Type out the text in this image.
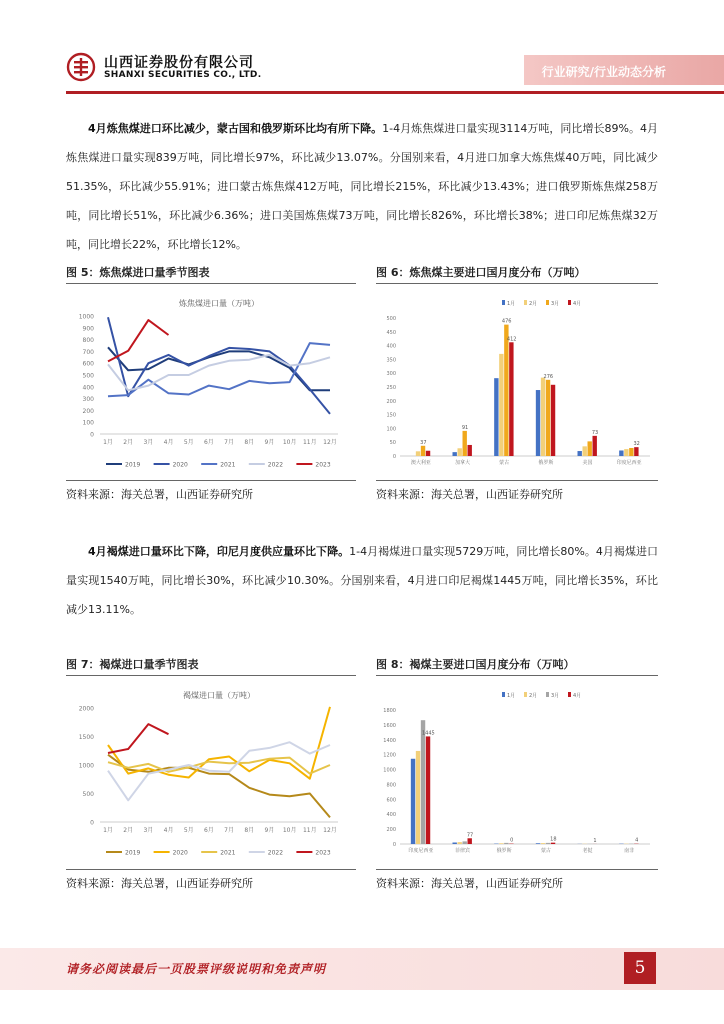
山西证券股份有限公司
SHANXI SECURITIES CO., LTD.	行业研究/行业动态分析
4月炼焦煤进口环比减少，蒙古国和俄罗斯环比均有所下降。1-4月炼焦煤进口量实现3114万吨，同比增长89%。4月炼焦煤进口量实现839万吨，同比增长97%，环比减少13.07%。分国别来看，4月进口加拿大炼焦煤40万吨，同比减少51.35%，环比减少55.91%；进口蒙古炼焦煤412万吨，同比增长215%，环比减少13.43%；进口俄罗斯炼焦煤258万吨，同比增长51%，环比减少6.36%；进口美国炼焦煤73万吨，同比增长826%，环比增长38%；进口印尼炼焦煤32万吨，同比增长22%，环比增长12%。
图 5：炼焦煤进口量季节图表	图 6：炼焦煤主要进口国月度分布（万吨）
炼焦煤进口量（万吨）
0
100
200
300
400
500
600
700
800
900
1000
1月 2月 3月 4月 5月 6月 7月 8月 9月 10月 11月 12月
2019	2020	2021	2022	2023
0
50
100
150
200
250
300
350
400
450
500
1月	2月	3月	4月
澳大利亚	加拿大	蒙古	俄罗斯	美国	印度尼西亚
37
91
476
412
276
73
32
资料来源：海关总署，山西证券研究所	资料来源：海关总署，山西证券研究所
4月褐煤进口量环比下降，印尼月度供应量环比下降。1-4月褐煤进口量实现5729万吨，同比增长80%。4月褐煤进口量实现1540万吨，同比增长30%，环比减少10.30%。分国别来看，4月进口印尼褐煤1445万吨，同比增长35%，环比减少13.11%。
图 7：褐煤进口量季节图表	图 8：褐煤主要进口国月度分布（万吨）
褐煤进口量（万吨）
0
500
1000
1500
2000
1月 2月 3月 4月 5月 6月 7月 8月 9月 10月 11月 12月
2019	2020	2021	2022	2023
0
200
400
600
800
1000
1200
1400
1600
1800
1月	2月	3月	4月
印度尼西亚	菲律宾	俄罗斯	蒙古	老挝	南非
1445
77
0	18	1	4
资料来源：海关总署，山西证券研究所	资料来源：海关总署，山西证券研究所
请务必阅读最后一页股票评级说明和免责声明	5
